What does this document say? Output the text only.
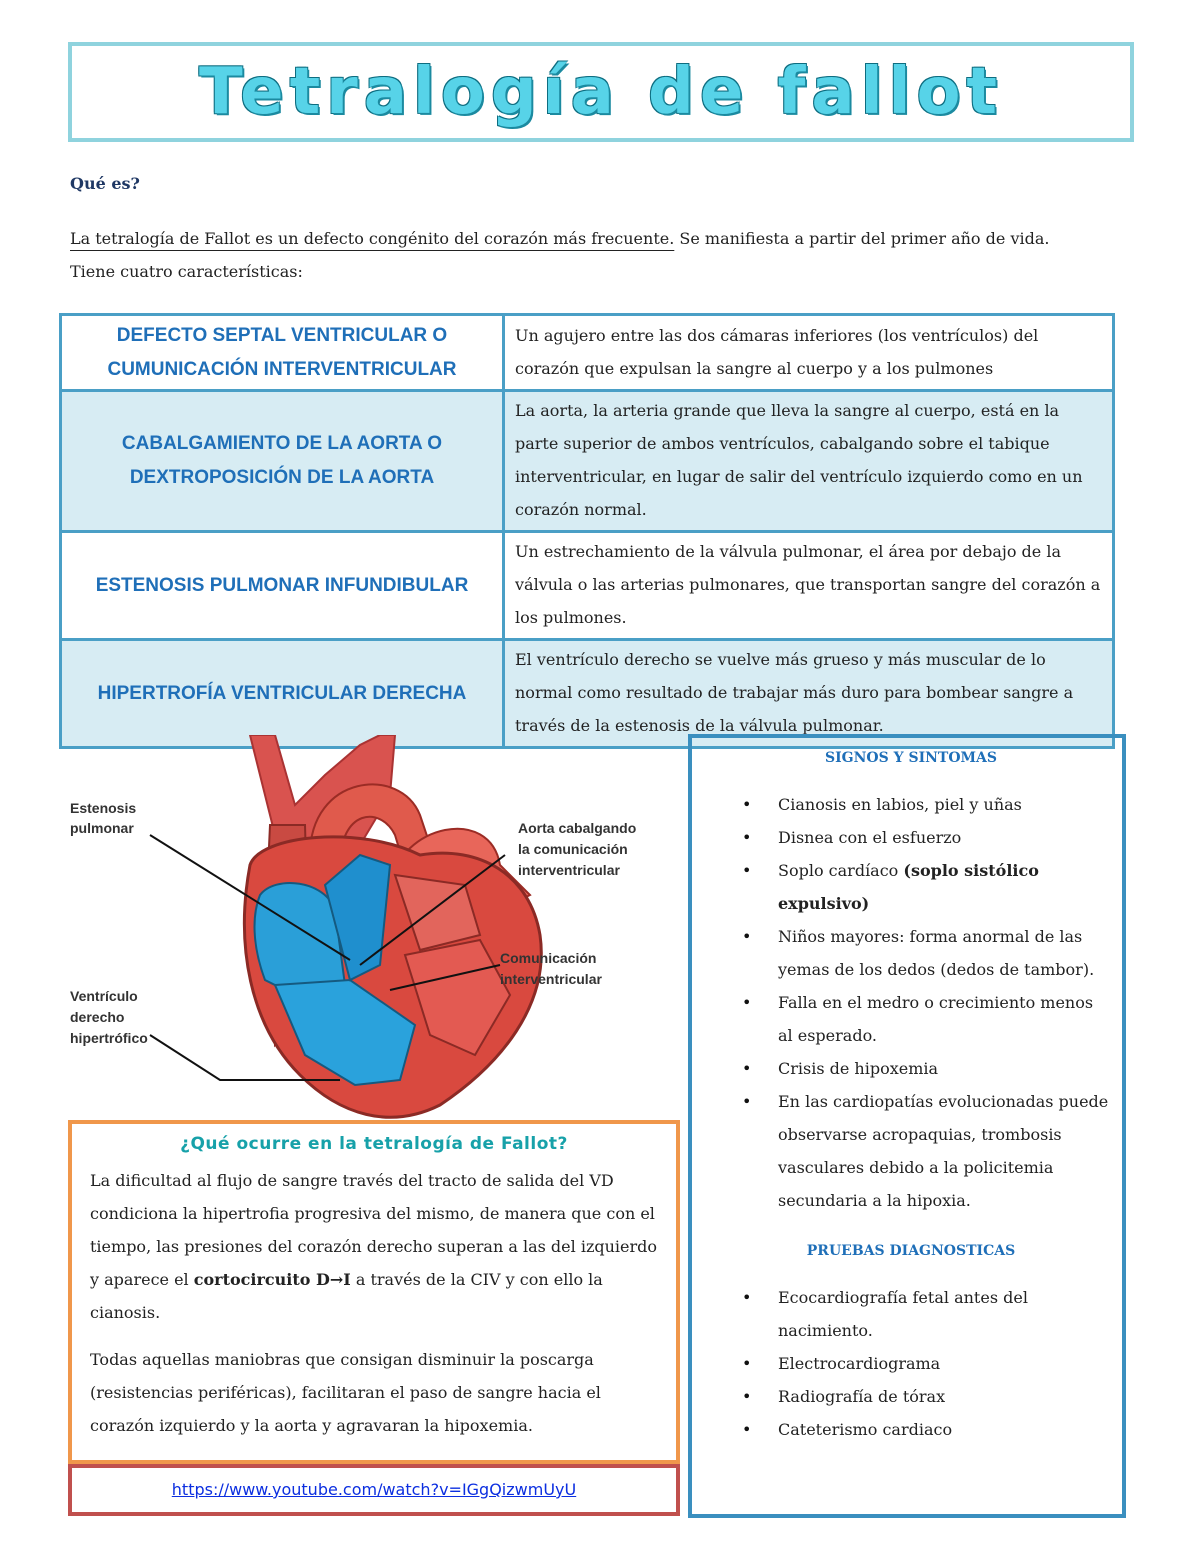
Tetralogía de fallot
Qué es?
La tetralogía de Fallot es un defecto congénito del corazón más frecuente. Se manifiesta a partir del primer año de vida.
Tiene cuatro características:
DEFECTO SEPTAL VENTRICULAR O CUMUNICACIÓN INTERVENTRICULAR	Un agujero entre las dos cámaras inferiores (los ventrículos) del corazón que expulsan la sangre al cuerpo y a los pulmones
CABALGAMIENTO DE LA AORTA O DEXTROPOSICIÓN DE LA AORTA	La aorta, la arteria grande que lleva la sangre al cuerpo, está en la parte superior de ambos ventrículos, cabalgando sobre el tabique interventricular, en lugar de salir del ventrículo izquierdo como en un corazón normal.
ESTENOSIS PULMONAR INFUNDIBULAR	Un estrechamiento de la válvula pulmonar, el área por debajo de la válvula o las arterias pulmonares, que transportan sangre del corazón a los pulmones.
HIPERTROFÍA VENTRICULAR DERECHA	El ventrículo derecho se vuelve más grueso y más muscular de lo normal como resultado de trabajar más duro para bombear sangre a través de la estenosis de la válvula pulmonar.
Estenosis
pulmonar	Aorta cabalgando
la comunicación
interventricular
Comunicación
interventricular
Ventrículo
derecho
hipertrófico
¿Qué ocurre en la tetralogía de Fallot?

La dificultad al flujo de sangre través del tracto de salida del VD condiciona la hipertrofia progresiva del mismo, de manera que con el tiempo, las presiones del corazón derecho superan a las del izquierdo y aparece el cortocircuito D→I a través de la CIV y con ello la cianosis.

Todas aquellas maniobras que consigan disminuir la poscarga (resistencias periféricas), facilitaran el paso de sangre hacia el corazón izquierdo y la aorta y agravaran la hipoxemia.

https://www.youtube.com/watch?v=IGgQizwmUyU
SIGNOS Y SINTOMAS
• Cianosis en labios, piel y uñas
• Disnea con el esfuerzo
• Soplo cardíaco (soplo sistólico expulsivo)
• Niños mayores: forma anormal de las yemas de los dedos (dedos de tambor).
• Falla en el medro o crecimiento menos al esperado.
• Crisis de hipoxemia
• En las cardiopatías evolucionadas puede observarse acropaquias, trombosis vasculares debido a la policitemia secundaria a la hipoxia.
PRUEBAS DIAGNOSTICAS
• Ecocardiografía fetal antes del nacimiento.
• Electrocardiograma
• Radiografía de tórax
• Cateterismo cardiaco
